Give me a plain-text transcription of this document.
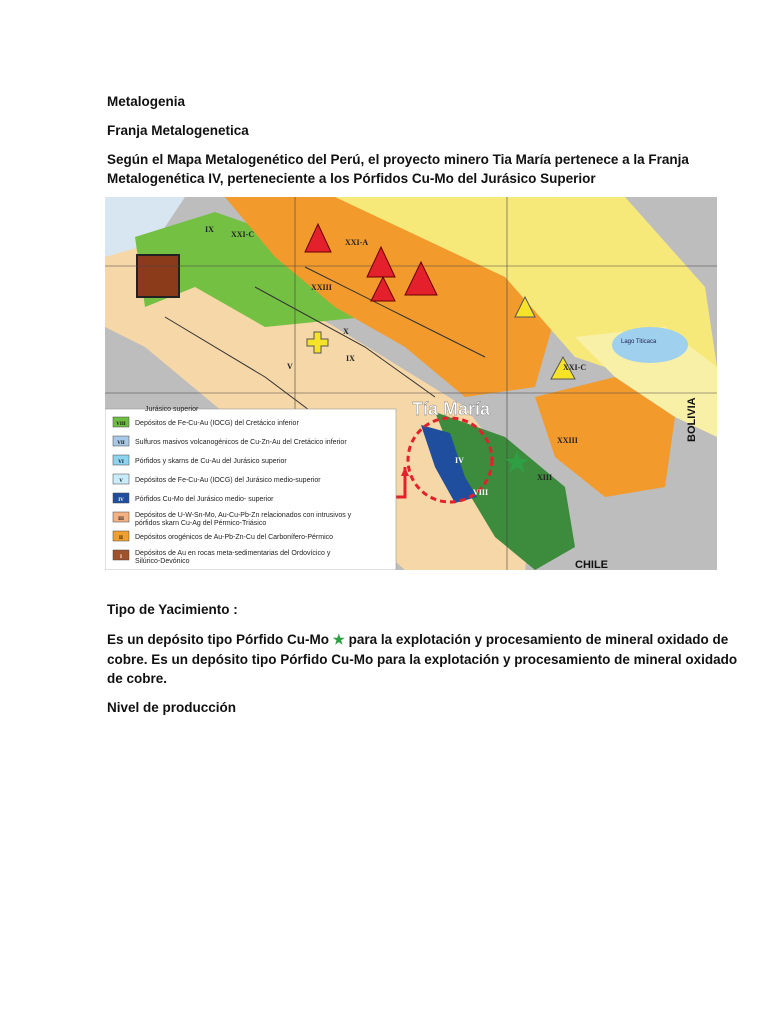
Metalogenia
Franja Metalogenetica
Según el Mapa Metalogenético del Perú, el proyecto minero Tia María pertenece a la Franja
Metalogenética IV, perteneciente a los Pórfidos Cu-Mo del Jurásico Superior
IX
XXI-C
XXI-A
XXIII
X
IX
V	XXI-C
XXIII
XIII
IV
VIII
Tía María
Lago Titicaca
BOLIVIA
CHILE
Jurásico superior
VIII Depósitos de Fe-Cu-Au (IOCG) del Cretácico inferior
VII Sulfuros masivos volcanogénicos de Cu-Zn-Au del Cretácico inferior
VI Pórfidos y skarns de Cu-Au del Jurásico superior
V Depósitos de Fe-Cu-Au (IOCG) del Jurásico medio-superior
IV Pórfidos Cu-Mo del Jurásico medio- superior
III
Depósitos de U-W-Sn-Mo, Au-Cu-Pb-Zn relacionados con intrusivos y
pórfidos skarn Cu-Ag del Pérmico-Triásico
II Depósitos orogénicos de Au-Pb-Zn-Cu del Carbonífero-Pérmico
I
Depósitos de Au en rocas meta-sedimentarias del Ordovícico y
Silúrico-Devónico
Tipo de Yacimiento :
Es un depósito tipo Pórfido Cu-Mo ★ para la explotación y procesamiento de mineral oxidado de
cobre. Es un depósito tipo Pórfido Cu-Mo para la explotación y procesamiento de mineral oxidado
de cobre.
Nivel de producción
